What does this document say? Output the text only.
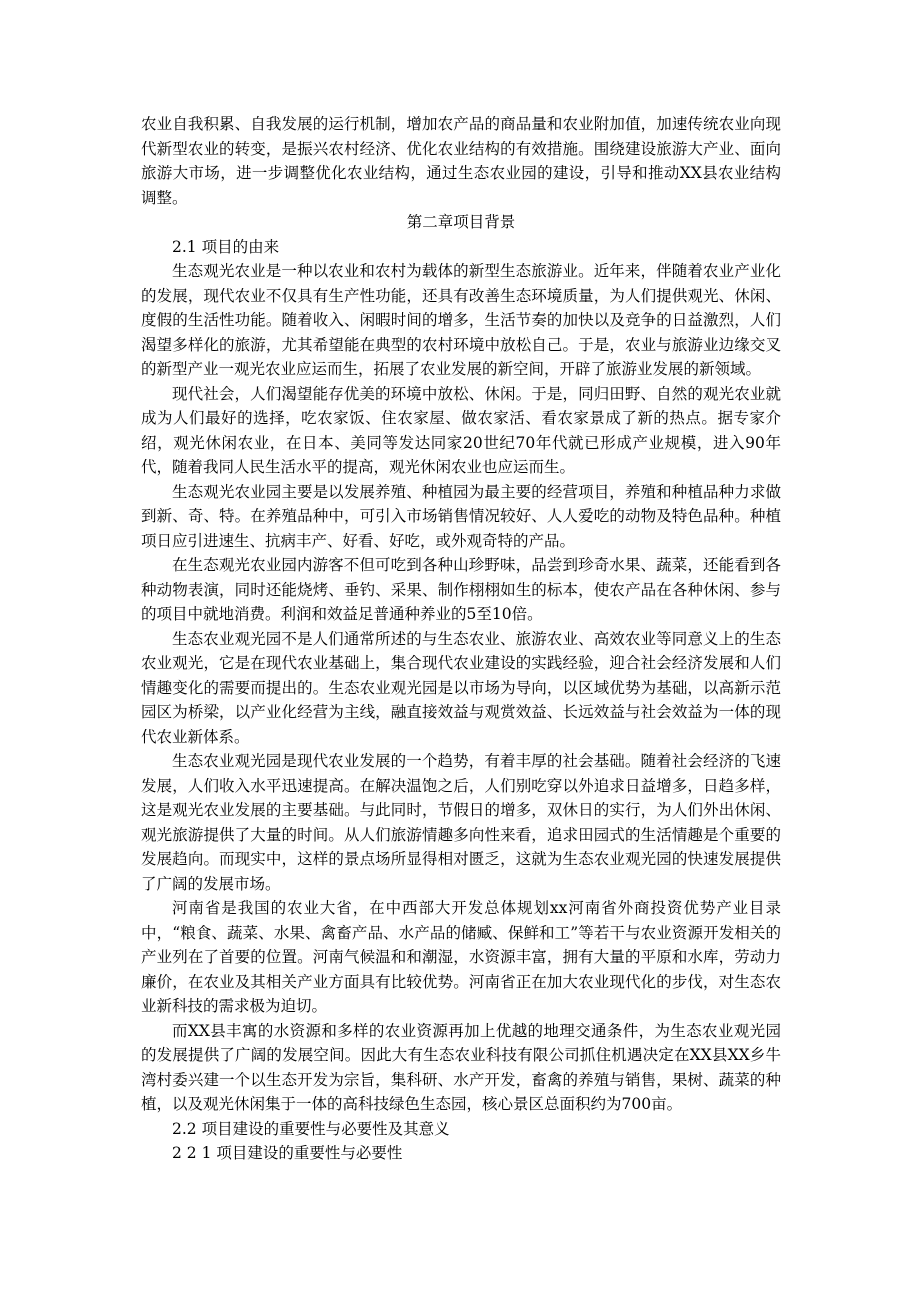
农业自我积累、自我发展的运行机制，增加农产品的商品量和农业附加值，加速传统农业向现代新型农业的转变，是振兴农村经济、优化农业结构的有效措施。围绕建设旅游大产业、面向旅游大市场，进一步调整优化农业结构，通过生态农业园的建设，引导和推动XX县农业结构调整。

第二章项目背景

2.1 项目的由来

生态观光农业是一种以农业和农村为载体的新型生态旅游业。近年来，伴随着农业产业化的发展，现代农业不仅具有生产性功能，还具有改善生态环境质量，为人们提供观光、休闲、度假的生活性功能。随着收入、闲暇时间的增多，生活节奏的加快以及竞争的日益激烈，人们渴望多样化的旅游，尤其希望能在典型的农村环境中放松自己。于是，农业与旅游业边缘交叉的新型产业一观光农业应运而生，拓展了农业发展的新空间，开辟了旅游业发展的新领域。

现代社会，人们渴望能存优美的环境中放松、休闲。于是，同归田野、自然的观光农业就成为人们最好的选择，吃农家饭、住农家屋、做农家活、看农家景成了新的热点。据专家介绍，观光休闲农业，在日本、美同等发达同家20世纪70年代就已形成产业规模，进入90年代，随着我同人民生活水平的提高，观光休闲农业也应运而生。

生态观光农业园主要是以发展养殖、种植园为最主要的经营项目，养殖和种植品种力求做到新、奇、特。在养殖品种中，可引入市场销售情况较好、人人爱吃的动物及特色品种。种植项日应引进速生、抗病丰产、好看、好吃，或外观奇特的产品。

在生态观光农业园内游客不但可吃到各种山珍野味，品尝到珍奇水果、蔬菜，还能看到各种动物表演，同时还能烧烤、垂钓、采果、制作栩栩如生的标本，使农产品在各种休闲、参与的项目中就地消费。利润和效益足普通种养业的5至10倍。

生态农业观光园不是人们通常所述的与生态农业、旅游农业、高效农业等同意义上的生态农业观光，它是在现代农业基础上，集合现代农业建设的实践经验，迎合社会经济发展和人们情趣变化的需要而提出的。生态农业观光园是以市场为导向，以区域优势为基础，以高新示范园区为桥梁，以产业化经营为主线，融直接效益与观赏效益、长远效益与社会效益为一体的现代农业新体系。

生态农业观光园是现代农业发展的一个趋势，有着丰厚的社会基础。随着社会经济的飞速发展，人们收入水平迅速提高。在解决温饱之后，人们别吃穿以外追求日益增多，日趋多样，这是观光农业发展的主要基础。与此同时，节假日的增多，双休日的实行，为人们外出休闲、观光旅游提供了大量的时间。从人们旅游情趣多向性来看，追求田园式的生活情趣是个重要的发展趋向。而现实中，这样的景点场所显得相对匮乏，这就为生态农业观光园的快速发展提供了广阔的发展市场。

河南省是我国的农业大省，在中西部大开发总体规划xx河南省外商投资优势产业目录中，“粮食、蔬菜、水果、禽畜产品、水产品的储臧、保鲜和工”等若干与农业资源开发相关的产业列在了首要的位置。河南气候温和和潮湿，水资源丰富，拥有大量的平原和水库，劳动力廉价，在农业及其相关产业方面具有比较优势。河南省正在加大农业现代化的步伐，对生态农业新科技的需求极为迫切。

而XX县丰寓的水资源和多样的农业资源再加上优越的地理交通条件，为生态农业观光园的发展提供了广阔的发展空间。因此大有生态农业科技有限公司抓住机遇决定在XX县XX乡牛湾村委兴建一个以生态开发为宗旨，集科研、水产开发，畜禽的养殖与销售，果树、蔬菜的种植，以及观光休闲集于一体的高科技绿色生态园，核心景区总面积约为700亩。

2.2 项目建设的重要性与必要性及其意义

2 2 1 项目建设的重要性与必要性
